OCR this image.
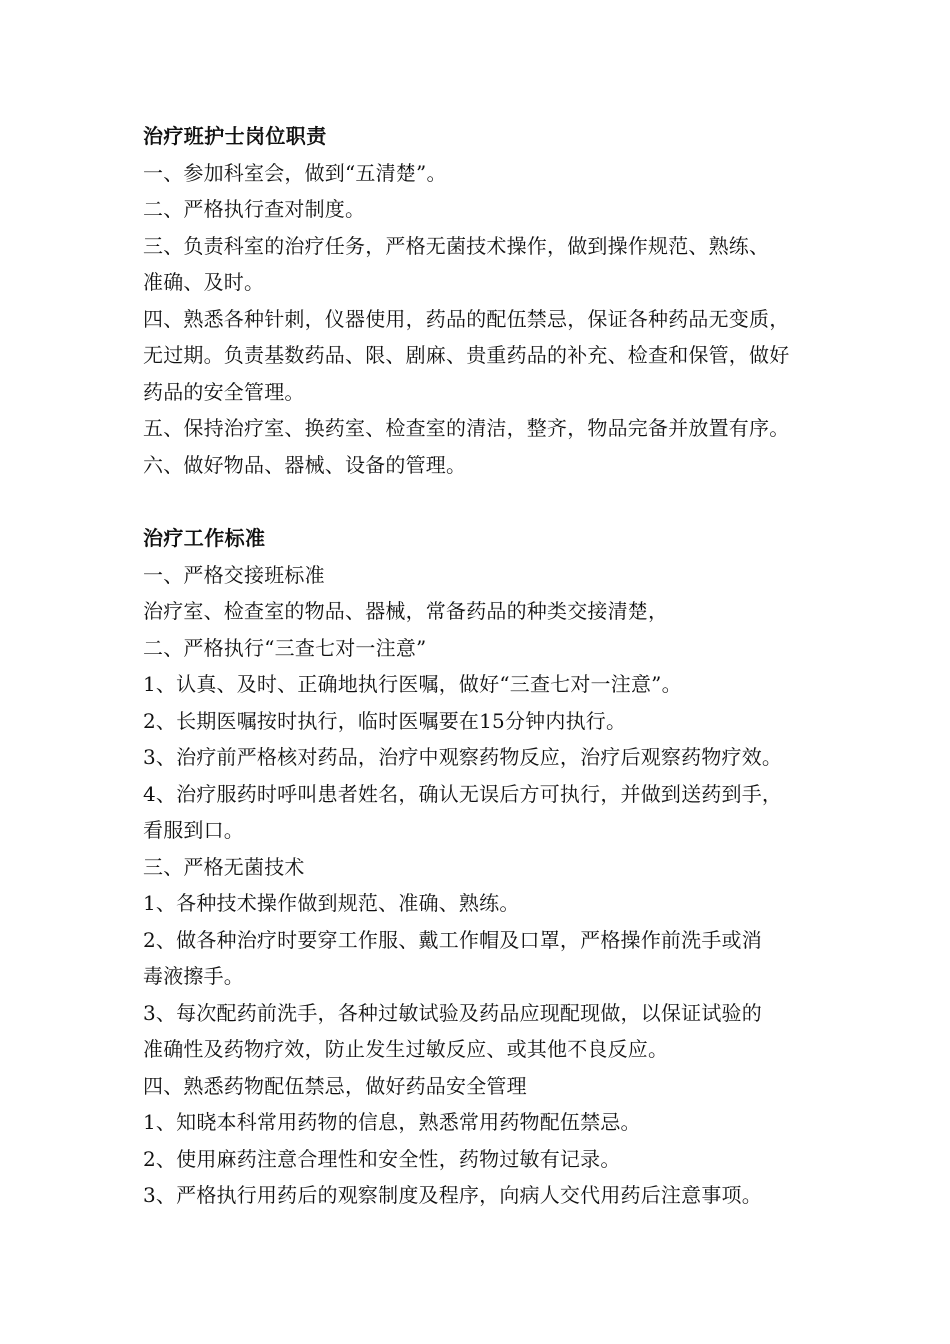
治疗班护士岗位职责
一、参加科室会，做到“五清楚”。
二、严格执行查对制度。
三、负责科室的治疗任务，严格无菌技术操作，做到操作规范、熟练、
准确、及时。
四、熟悉各种针刺，仪器使用，药品的配伍禁忌，保证各种药品无变质，
无过期。负责基数药品、限、剧麻、贵重药品的补充、检查和保管，做好
药品的安全管理。
五、保持治疗室、换药室、检查室的清洁，整齐，物品完备并放置有序。
六、做好物品、器械、设备的管理。
治疗工作标准
一、严格交接班标准
治疗室、检查室的物品、器械，常备药品的种类交接清楚，
二、严格执行“三查七对一注意”
1、认真、及时、正确地执行医嘱，做好“三查七对一注意”。
2、长期医嘱按时执行，临时医嘱要在15分钟内执行。
3、治疗前严格核对药品，治疗中观察药物反应，治疗后观察药物疗效。
4、治疗服药时呼叫患者姓名，确认无误后方可执行，并做到送药到手，
看服到口。
三、严格无菌技术
1、各种技术操作做到规范、准确、熟练。
2、做各种治疗时要穿工作服、戴工作帽及口罩，严格操作前洗手或消
毒液擦手。
3、每次配药前洗手，各种过敏试验及药品应现配现做，以保证试验的
准确性及药物疗效，防止发生过敏反应、或其他不良反应。
四、熟悉药物配伍禁忌，做好药品安全管理
1、知晓本科常用药物的信息，熟悉常用药物配伍禁忌。
2、使用麻药注意合理性和安全性，药物过敏有记录。
3、严格执行用药后的观察制度及程序，向病人交代用药后注意事项。
